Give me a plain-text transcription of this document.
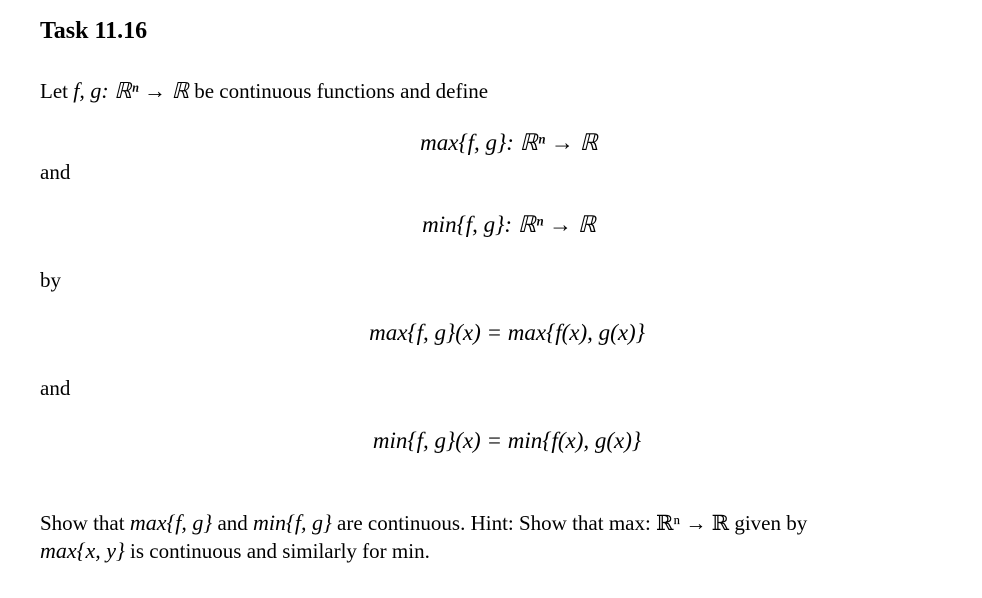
Task 11.16
Let f, g: ℝⁿ → ℝ be continuous functions and define
max{f, g}: ℝⁿ → ℝ
and
min{f, g}: ℝⁿ → ℝ
by
max{f, g}(x) = max{f(x), g(x)}
and
min{f, g}(x) = min{f(x), g(x)}
Show that max{f, g} and min{f, g} are continuous. Hint: Show that max: ℝⁿ → ℝ given by
max{x, y} is continuous and similarly for min.
